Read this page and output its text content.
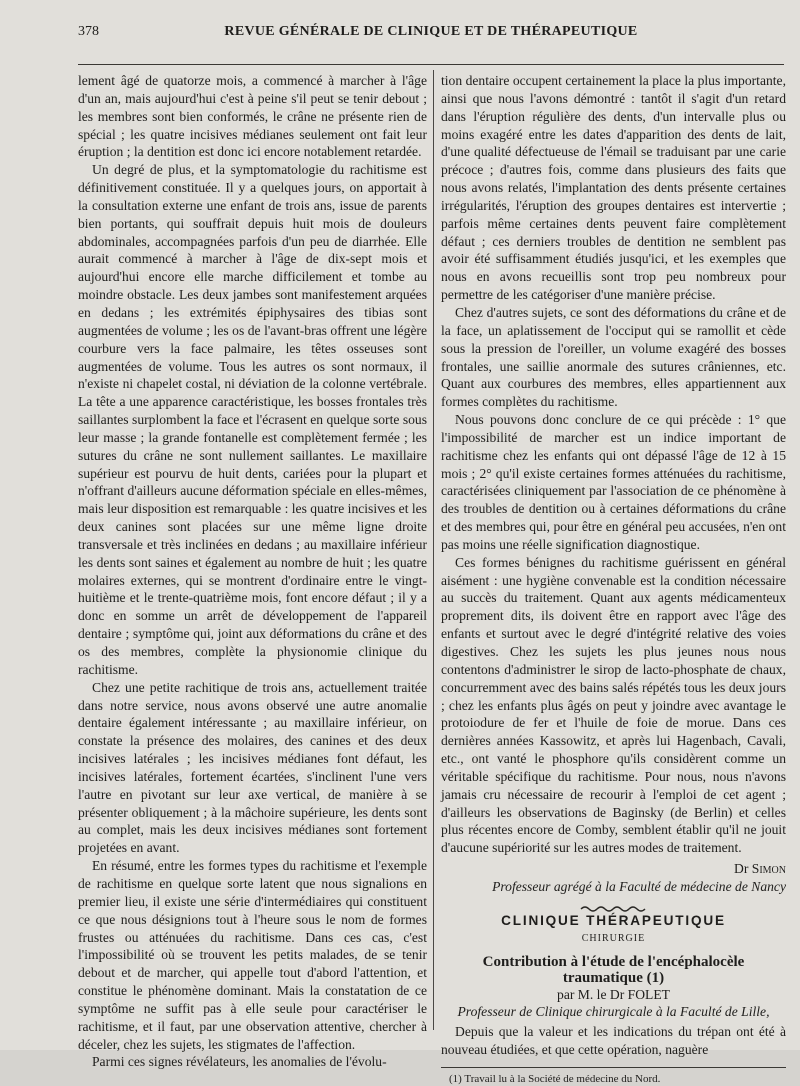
378	REVUE GÉNÉRALE DE CLINIQUE ET DE THÉRAPEUTIQUE

lement âgé de quatorze mois, a commencé à marcher à l'âge d'un an, mais aujourd'hui c'est à peine s'il peut se tenir debout ; les membres sont bien conformés, le crâne ne présente rien de spécial ; les quatre incisives médianes seulement ont fait leur éruption ; la dentition est donc ici encore notablement retardée.

Un degré de plus, et la symptomatologie du rachitisme est définitivement constituée. Il y a quelques jours, on apportait à la consultation externe une enfant de trois ans, issue de parents bien portants, qui souffrait depuis huit mois de douleurs abdominales, accompagnées parfois d'un peu de diarrhée. Elle aurait commencé à marcher à l'âge de dix-sept mois et aujourd'hui encore elle marche difficilement et tombe au moindre obstacle. Les deux jambes sont manifestement arquées en dedans ; les extrémités épiphysaires des tibias sont augmentées de volume ; les os de l'avant-bras offrent une légère courbure vers la face palmaire, les têtes osseuses sont augmentées de volume. Tous les autres os sont normaux, il n'existe ni chapelet costal, ni déviation de la colonne vertébrale. La tête a une apparence caractéristique, les bosses frontales très saillantes surplombent la face et l'écrasent en quelque sorte sous leur masse ; la grande fontanelle est complètement fermée ; les sutures du crâne ne sont nullement saillantes. Le maxillaire supérieur est pourvu de huit dents, cariées pour la plupart et n'offrant d'ailleurs aucune déformation spéciale en elles-mêmes, mais leur disposition est remarquable : les quatre incisives et les deux canines sont placées sur une même ligne droite transversale et très inclinées en dedans ; au maxillaire inférieur les dents sont saines et également au nombre de huit ; les quatre molaires externes, qui se montrent d'ordinaire entre le vingt-huitième et le trente-quatrième mois, font encore défaut ; il y a donc en somme un arrêt de développement de l'appareil dentaire ; symptôme qui, joint aux déformations du crâne et des os des membres, complète la physionomie clinique du rachitisme.

Chez une petite rachitique de trois ans, actuellement traitée dans notre service, nous avons observé une autre anomalie dentaire également intéressante ; au maxillaire inférieur, on constate la présence des molaires, des canines et des deux incisives latérales ; les incisives médianes font défaut, les incisives latérales, fortement écartées, s'inclinent l'une vers l'autre en pivotant sur leur axe vertical, de manière à se présenter obliquement ; à la mâchoire supérieure, les dents sont au complet, mais les deux incisives médianes sont fortement projetées en avant.

En résumé, entre les formes types du rachitisme et l'exemple de rachitisme en quelque sorte latent que nous signalions en premier lieu, il existe une série d'intermédiaires qui constituent ce que nous désignions tout à l'heure sous le nom de formes frustes ou atténuées du rachitisme. Dans ces cas, c'est l'impossibilité où se trouvent les petits malades, de se tenir debout et de marcher, qui appelle tout d'abord l'attention, et constitue le phénomène dominant. Mais la constatation de ce symptôme ne suffit pas à elle seule pour caractériser le rachitisme, et il faut, par une observation attentive, chercher à déceler, chez les sujets, les stigmates de l'affection.

Parmi ces signes révélateurs, les anomalies de l'évolu-

tion dentaire occupent certainement la place la plus importante, ainsi que nous l'avons démontré : tantôt il s'agit d'un retard dans l'éruption régulière des dents, d'un intervalle plus ou moins exagéré entre les dates d'apparition des dents de lait, d'une qualité défectueuse de l'émail se traduisant par une carie précoce ; d'autres fois, comme dans plusieurs des faits que nous avons relatés, l'implantation des dents présente certaines irrégularités, l'éruption des groupes dentaires est intervertie ; parfois même certaines dents peuvent faire complètement défaut ; ces derniers troubles de dentition ne semblent pas avoir été suffisamment étudiés jusqu'ici, et les exemples que nous en avons recueillis sont trop peu nombreux pour permettre de les catégoriser d'une manière précise.

Chez d'autres sujets, ce sont des déformations du crâne et de la face, un aplatissement de l'occiput qui se ramollit et cède sous la pression de l'oreiller, un volume exagéré des bosses frontales, une saillie anormale des sutures crâniennes, etc. Quant aux courbures des membres, elles appartiennent aux formes complètes du rachitisme.

Nous pouvons donc conclure de ce qui précède : 1° que l'impossibilité de marcher est un indice important de rachitisme chez les enfants qui ont dépassé l'âge de 12 à 15 mois ; 2° qu'il existe certaines formes atténuées du rachitisme, caractérisées cliniquement par l'association de ce phénomène à des troubles de dentition ou à certaines déformations du crâne et des membres qui, pour être en général peu accusées, n'en ont pas moins une réelle signification diagnostique.

Ces formes bénignes du rachitisme guérissent en général aisément : une hygiène convenable est la condition nécessaire au succès du traitement. Quant aux agents médicamenteux proprement dits, ils doivent être en rapport avec l'âge des enfants et surtout avec le degré d'intégrité relative des voies digestives. Chez les sujets les plus jeunes nous nous contentons d'administrer le sirop de lacto-phosphate de chaux, concurremment avec des bains salés répétés tous les deux jours ; chez les enfants plus âgés on peut y joindre avec avantage le protoiodure de fer et l'huile de foie de morue. Dans ces dernières années Kassowitz, et après lui Hagenbach, Cavali, etc., ont vanté le phosphore qu'ils considèrent comme un véritable spécifique du rachitisme. Pour nous, nous n'avons jamais cru nécessaire de recourir à l'emploi de cet agent ; d'ailleurs les observations de Baginsky (de Berlin) et celles plus récentes encore de Comby, semblent établir qu'il ne jouit d'aucune supériorité sur les autres modes de traitement.

Dr Simon
Professeur agrégé à la Faculté de médecine de Nancy
CLINIQUE THÉRAPEUTIQUE
CHIRURGIE
Contribution à l'étude de l'encéphalocèle traumatique (1)
par M. le Dr FOLET
Professeur de Clinique chirurgicale à la Faculté de Lille,

Depuis que la valeur et les indications du trépan ont été à nouveau étudiées, et que cette opération, naguère

(1) Travail lu à la Société de médecine du Nord.
